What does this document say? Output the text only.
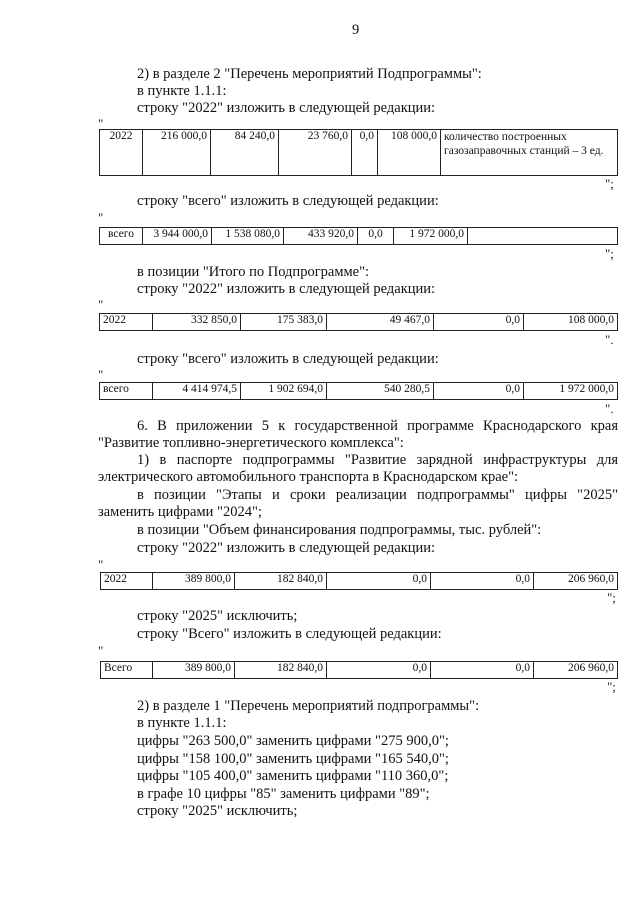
9
2) в разделе 2 "Перечень мероприятий Подпрограммы":
в пункте 1.1.1:
строку "2022" изложить в следующей редакции:
"
2022	216 000,0	84 240,0	23 760,0	0,0	108 000,0	количество построенных газозаправочных станций – 3 ед.
";
строку "всего" изложить в следующей редакции:
"
всего	3 944 000,0	1 538 080,0	433 920,0	0,0	1 972 000,0	
";
в позиции "Итого по Подпрограмме":
строку "2022" изложить в следующей редакции:
"
2022	332 850,0	175 383,0	49 467,0	0,0	108 000,0
".
строку "всего" изложить в следующей редакции:
"
всего	4 414 974,5	1 902 694,0	540 280,5	0,0	1 972 000,0
".
6. В приложении 5 к государственной программе Краснодарского края "Развитие топливно-энергетического комплекса":
1) в паспорте подпрограммы "Развитие зарядной инфраструктуры для электрического автомобильного транспорта в Краснодарском крае":
в позиции "Этапы и сроки реализации подпрограммы" цифры "2025" заменить цифрами "2024";
в позиции "Объем финансирования подпрограммы, тыс. рублей":
строку "2022" изложить в следующей редакции:
"
2022	389 800,0	182 840,0	0,0	0,0	206 960,0
";
строку "2025" исключить;
строку "Всего" изложить в следующей редакции:
"
Всего	389 800,0	182 840,0	0,0	0,0	206 960,0
";
2) в разделе 1 "Перечень мероприятий подпрограммы":
в пункте 1.1.1:
цифры "263 500,0" заменить цифрами "275 900,0";
цифры "158 100,0" заменить цифрами "165 540,0";
цифры "105 400,0" заменить цифрами "110 360,0";
в графе 10 цифры "85" заменить цифрами "89";
строку "2025" исключить;
